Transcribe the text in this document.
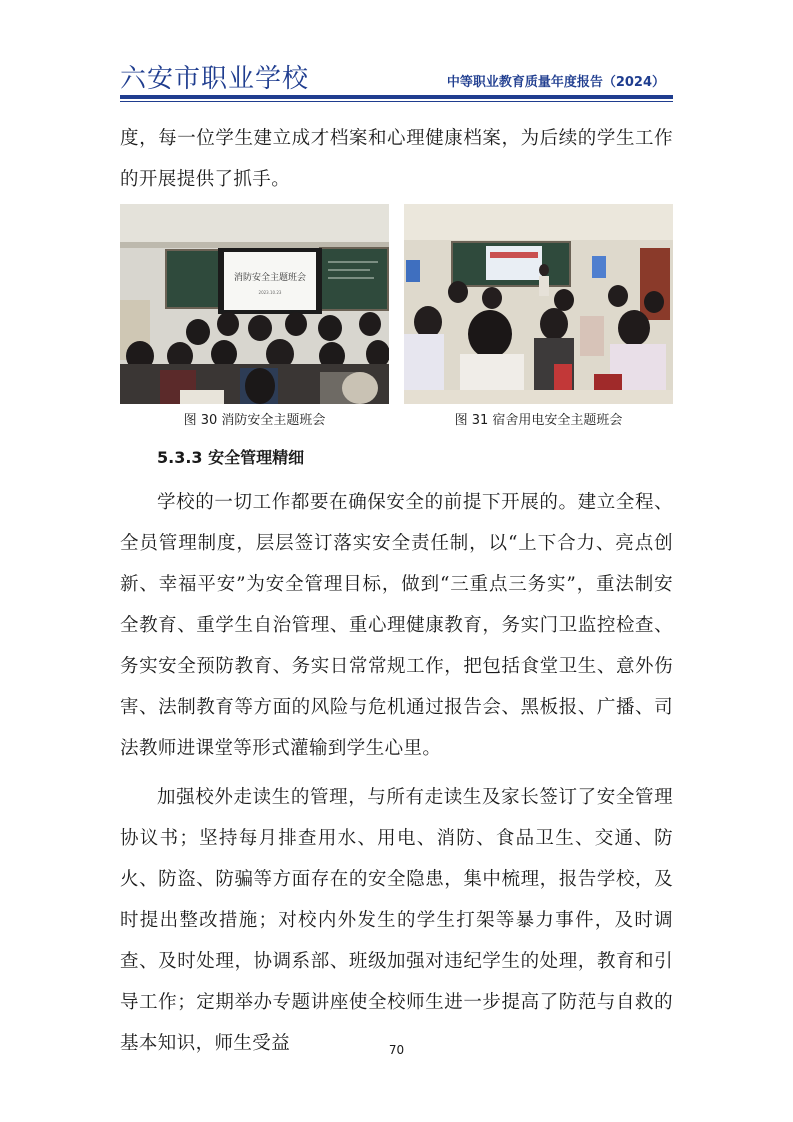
六安市职业学校	中等职业教育质量年度报告（2024）

度，每一位学生建立成才档案和心理健康档案，为后续的学生工作的开展提供了抓手。

消防安全主题班会
2023.10.23
图 30 消防安全主题班会	图 31 宿舍用电安全主题班会
5.3.3 安全管理精细

学校的一切工作都要在确保安全的前提下开展的。建立全程、全员管理制度，层层签订落实安全责任制，以“上下合力、亮点创新、幸福平安”为安全管理目标，做到“三重点三务实”，重法制安全教育、重学生自治管理、重心理健康教育，务实门卫监控检查、务实安全预防教育、务实日常常规工作，把包括食堂卫生、意外伤害、法制教育等方面的风险与危机通过报告会、黑板报、广播、司法教师进课堂等形式灌输到学生心里。

加强校外走读生的管理，与所有走读生及家长签订了安全管理协议书；坚持每月排查用水、用电、消防、食品卫生、交通、防火、防盗、防骗等方面存在的安全隐患，集中梳理，报告学校，及时提出整改措施；对校内外发生的学生打架等暴力事件，及时调查、及时处理，协调系部、班级加强对违纪学生的处理，教育和引导工作；定期举办专题讲座使全校师生进一步提高了防范与自救的基本知识，师生受益	70
